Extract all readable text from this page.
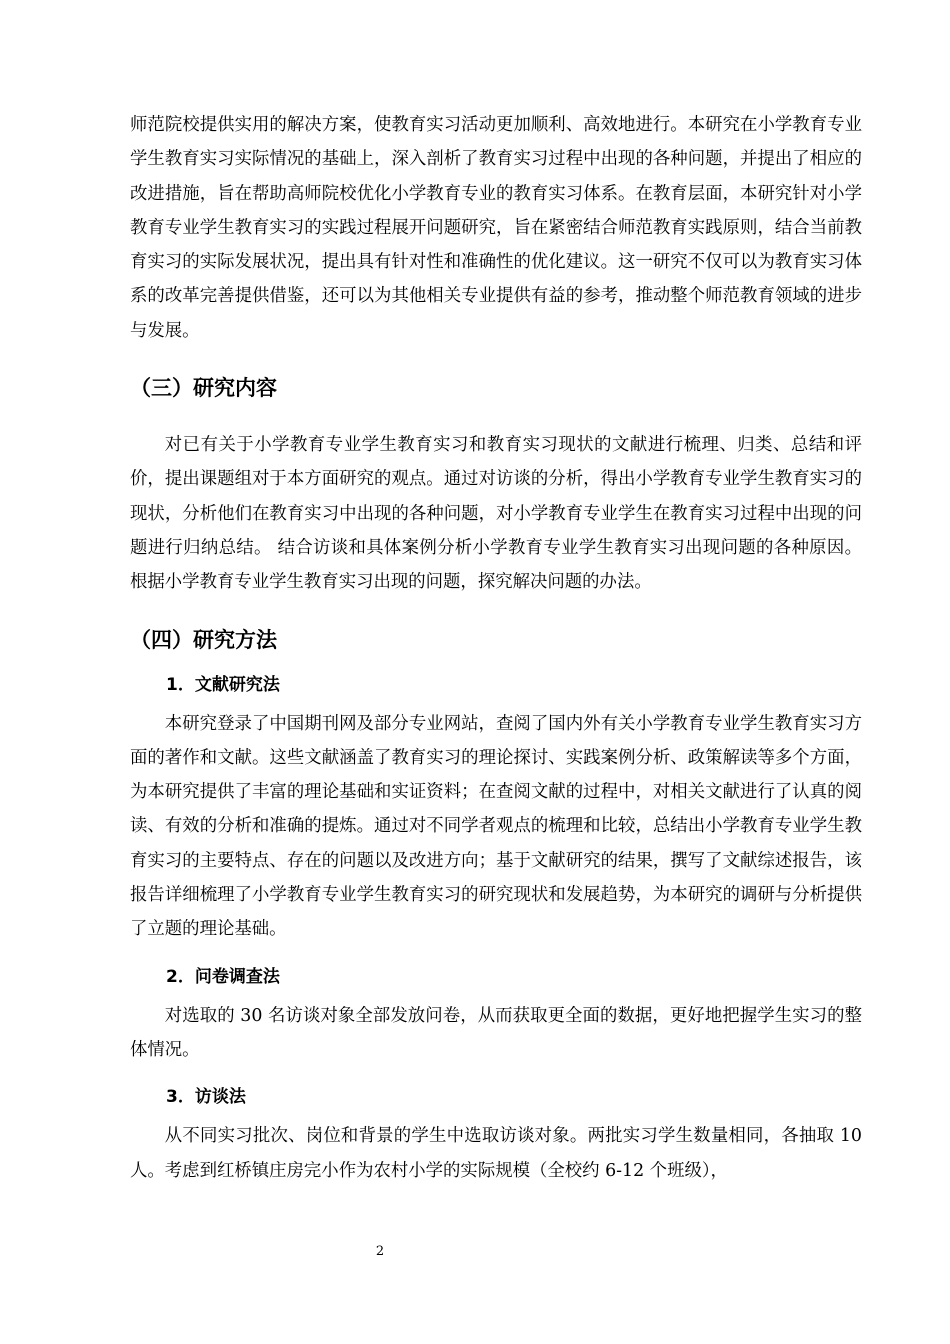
师范院校提供实用的解决方案，使教育实习活动更加顺利、高效地进行。本研究在小学教育专业学生教育实习实际情况的基础上，深入剖析了教育实习过程中出现的各种问题，并提出了相应的改进措施，旨在帮助高师院校优化小学教育专业的教育实习体系。在教育层面，本研究针对小学教育专业学生教育实习的实践过程展开问题研究，旨在紧密结合师范教育实践原则，结合当前教育实习的实际发展状况，提出具有针对性和准确性的优化建议。这一研究不仅可以为教育实习体系的改革完善提供借鉴，还可以为其他相关专业提供有益的参考，推动整个师范教育领域的进步与发展。

（三）研究内容

对已有关于小学教育专业学生教育实习和教育实习现状的文献进行梳理、归类、总结和评价，提出课题组对于本方面研究的观点。通过对访谈的分析，得出小学教育专业学生教育实习的现状，分析他们在教育实习中出现的各种问题，对小学教育专业学生在教育实习过程中出现的问题进行归纳总结。 结合访谈和具体案例分析小学教育专业学生教育实习出现问题的各种原因。根据小学教育专业学生教育实习出现的问题，探究解决问题的办法。

（四）研究方法
1．文献研究法

本研究登录了中国期刊网及部分专业网站，查阅了国内外有关小学教育专业学生教育实习方面的著作和文献。这些文献涵盖了教育实习的理论探讨、实践案例分析、政策解读等多个方面，为本研究提供了丰富的理论基础和实证资料；在查阅文献的过程中，对相关文献进行了认真的阅读、有效的分析和准确的提炼。通过对不同学者观点的梳理和比较，总结出小学教育专业学生教育实习的主要特点、存在的问题以及改进方向；基于文献研究的结果，撰写了文献综述报告，该报告详细梳理了小学教育专业学生教育实习的研究现状和发展趋势，为本研究的调研与分析提供了立题的理论基础。

2．问卷调查法

对选取的 30 名访谈对象全部发放问卷，从而获取更全面的数据，更好地把握学生实习的整体情况。

3．访谈法

从不同实习批次、岗位和背景的学生中选取访谈对象。两批实习学生数量相同，各抽取 10 人。考虑到红桥镇庄房完小作为农村小学的实际规模（全校约 6-12 个班级），

2
